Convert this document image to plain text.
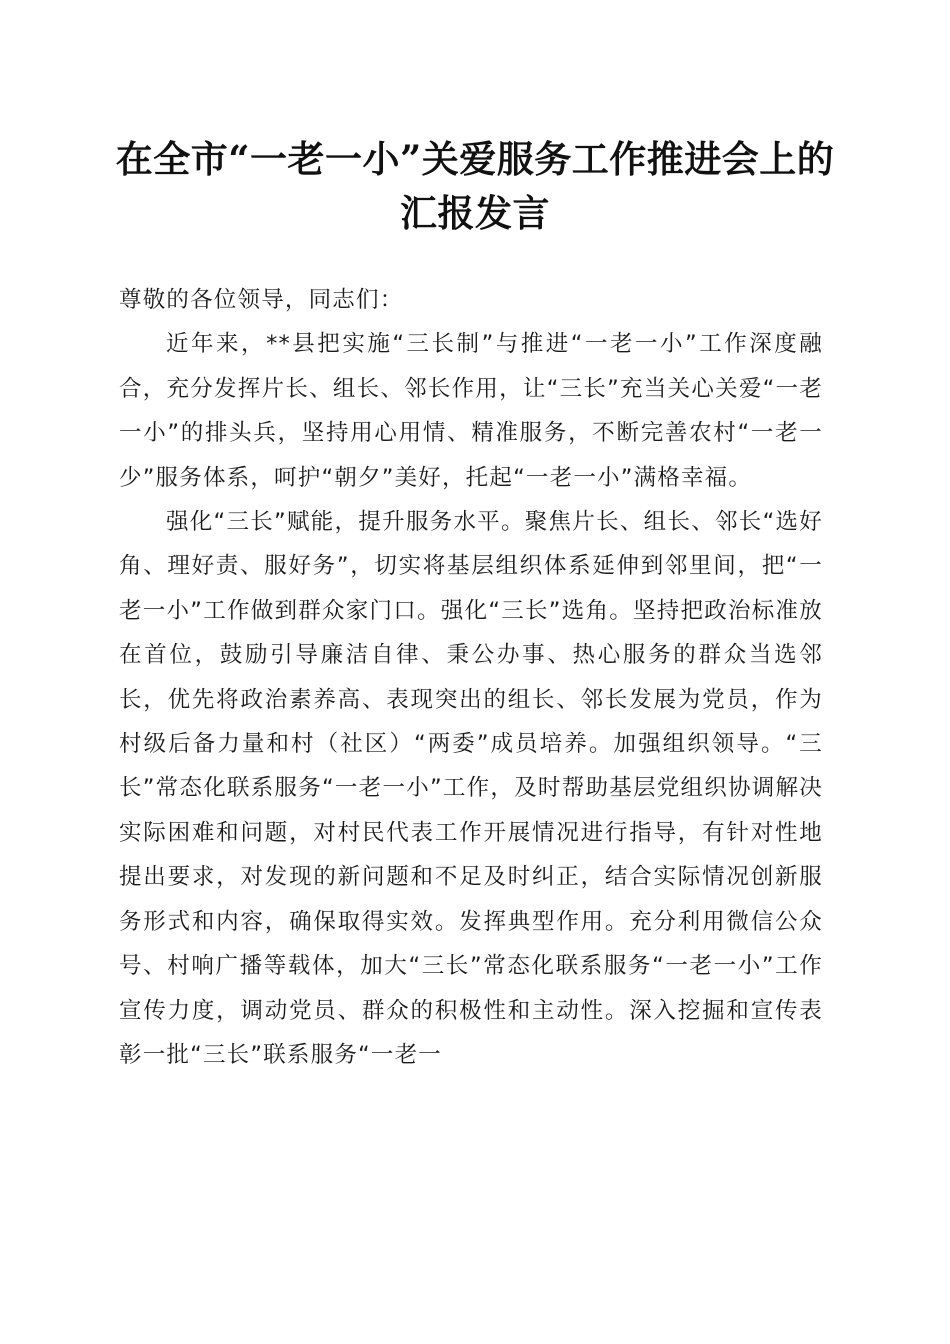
在全市“一老一小”关爱服务工作推进会上的
汇报发言

尊敬的各位领导，同志们：

近年来，**县把实施“三长制”与推进“一老一小”工作深度融合，充分发挥片长、组长、邻长作用，让“三长”充当关心关爱“一老一小”的排头兵，坚持用心用情、精准服务，不断完善农村“一老一少”服务体系，呵护“朝夕”美好，托起“一老一小”满格幸福。

强化“三长”赋能，提升服务水平。聚焦片长、组长、邻长“选好角、理好责、服好务”，切实将基层组织体系延伸到邻里间，把“一老一小”工作做到群众家门口。强化“三长”选角。坚持把政治标准放在首位，鼓励引导廉洁自律、秉公办事、热心服务的群众当选邻长，优先将政治素养高、表现突出的组长、邻长发展为党员，作为村级后备力量和村（社区）“两委”成员培养。加强组织领导。“三长”常态化联系服务“一老一小”工作，及时帮助基层党组织协调解决实际困难和问题，对村民代表工作开展情况进行指导，有针对性地提出要求，对发现的新问题和不足及时纠正，结合实际情况创新服务形式和内容，确保取得实效。发挥典型作用。充分利用微信公众号、村响广播等载体，加大“三长”常态化联系服务“一老一小”工作宣传力度，调动党员、群众的积极性和主动性。深入挖掘和宣传表彰一批“三长”联系服务“一老一
